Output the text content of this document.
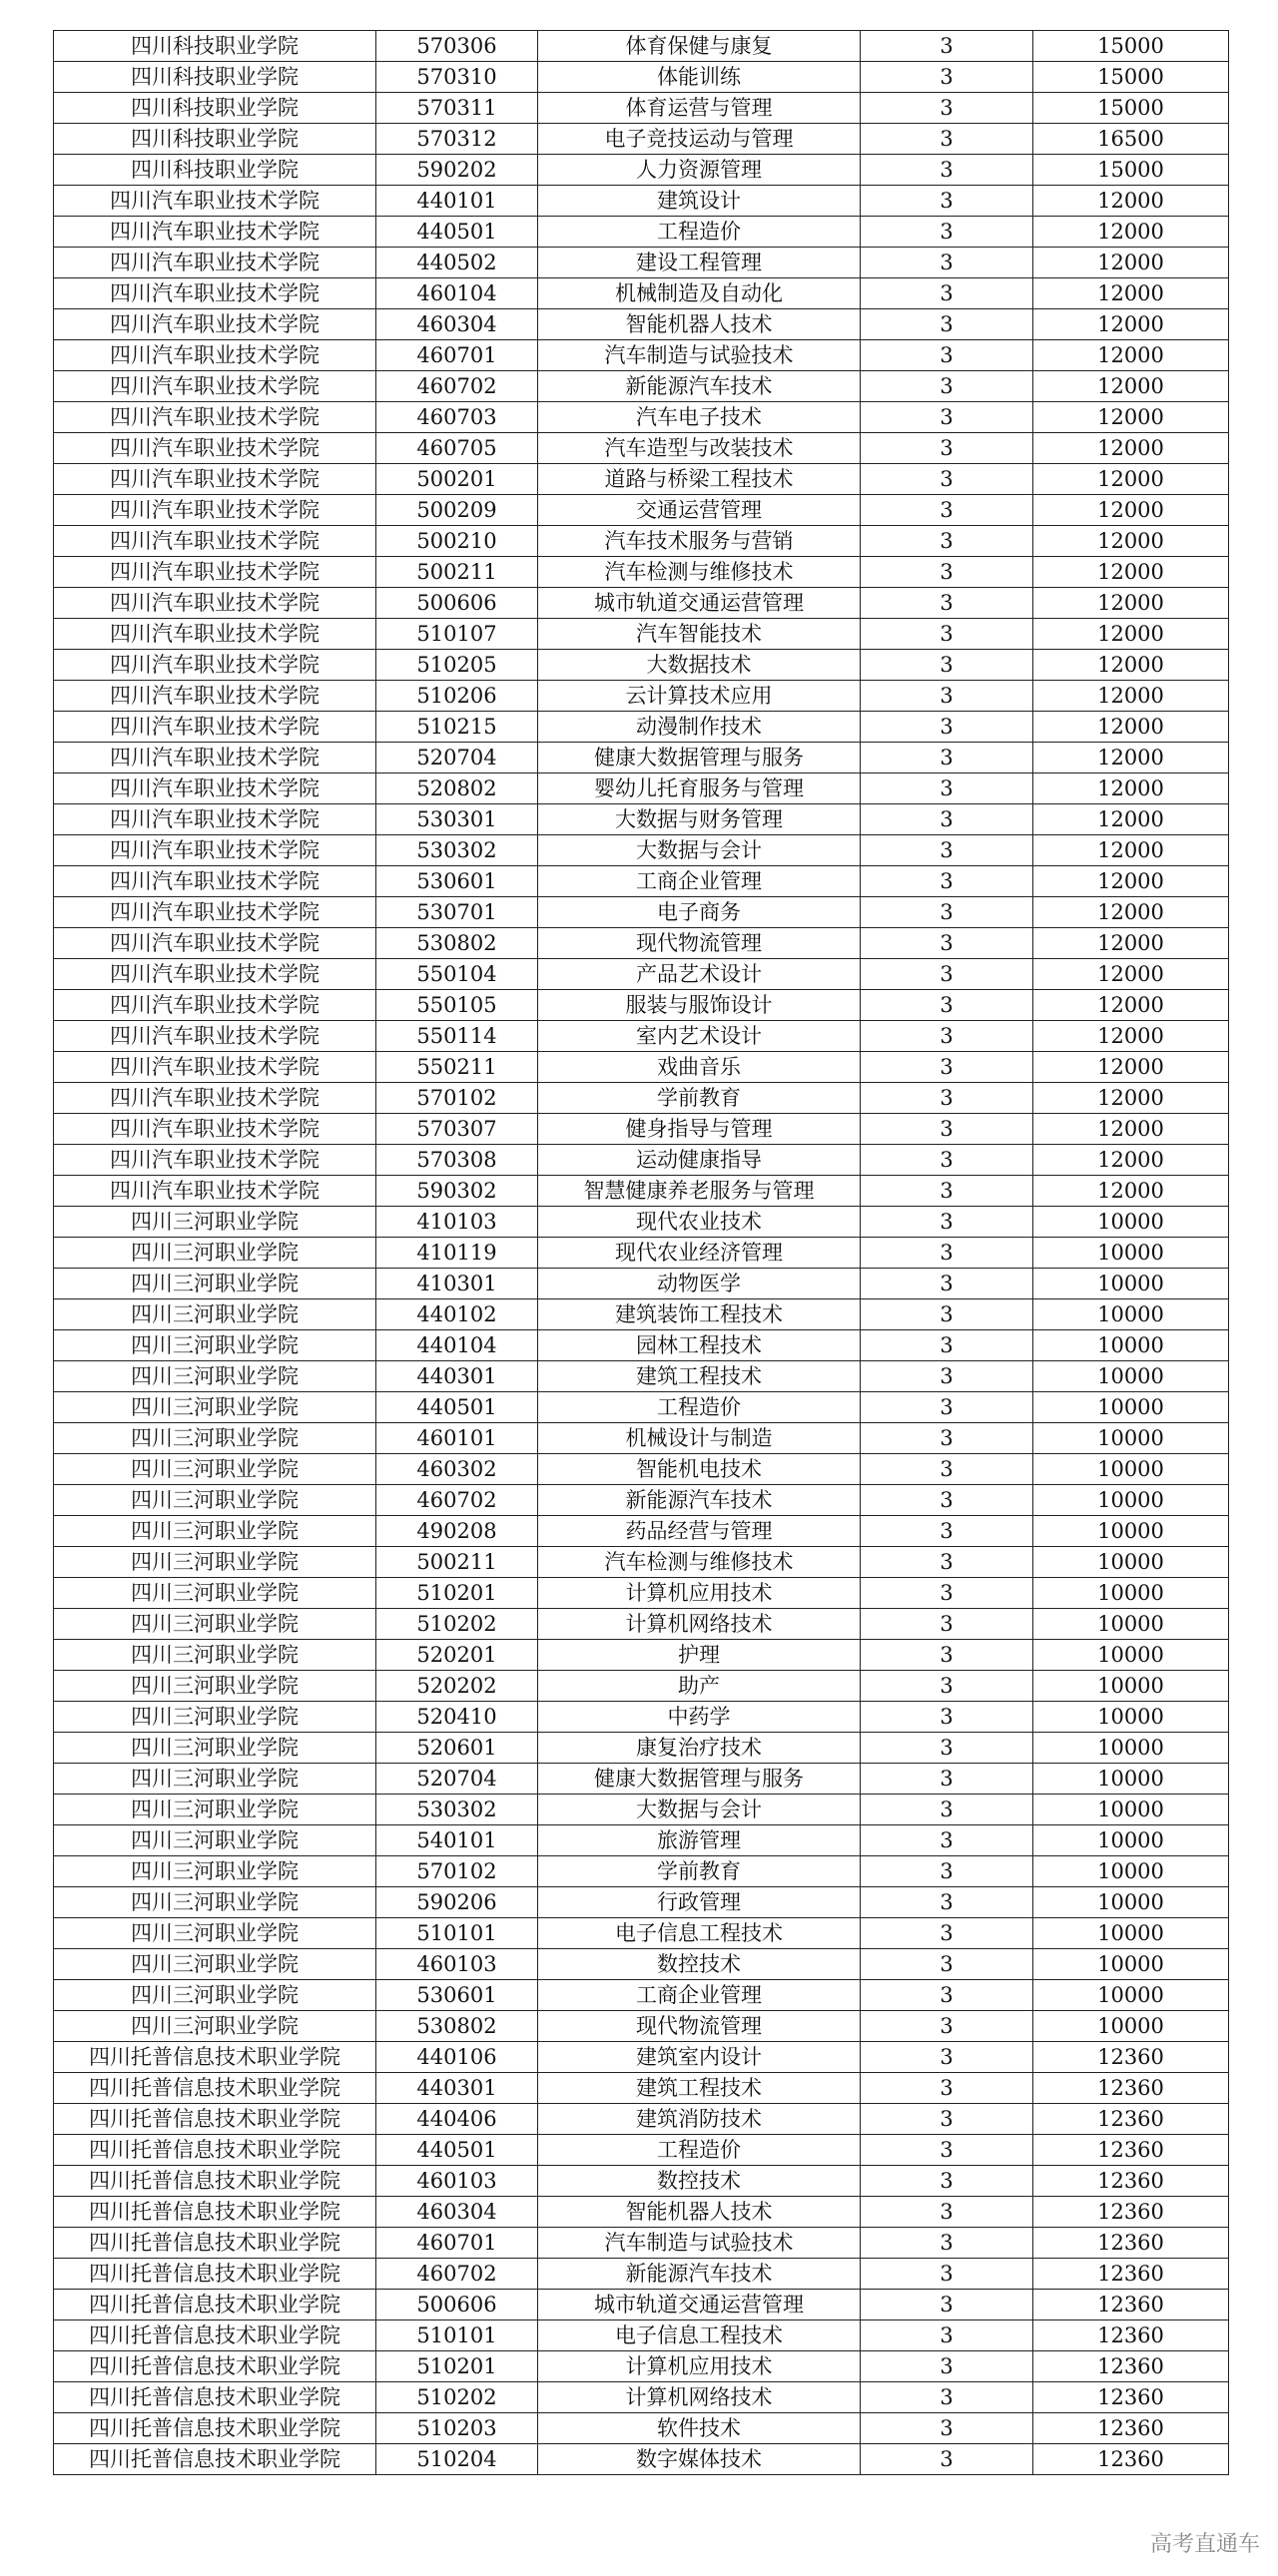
四川科技职业学院	570306	体育保健与康复	3	15000
四川科技职业学院	570310	体能训练	3	15000
四川科技职业学院	570311	体育运营与管理	3	15000
四川科技职业学院	570312	电子竞技运动与管理	3	16500
四川科技职业学院	590202	人力资源管理	3	15000
四川汽车职业技术学院	440101	建筑设计	3	12000
四川汽车职业技术学院	440501	工程造价	3	12000
四川汽车职业技术学院	440502	建设工程管理	3	12000
四川汽车职业技术学院	460104	机械制造及自动化	3	12000
四川汽车职业技术学院	460304	智能机器人技术	3	12000
四川汽车职业技术学院	460701	汽车制造与试验技术	3	12000
四川汽车职业技术学院	460702	新能源汽车技术	3	12000
四川汽车职业技术学院	460703	汽车电子技术	3	12000
四川汽车职业技术学院	460705	汽车造型与改装技术	3	12000
四川汽车职业技术学院	500201	道路与桥梁工程技术	3	12000
四川汽车职业技术学院	500209	交通运营管理	3	12000
四川汽车职业技术学院	500210	汽车技术服务与营销	3	12000
四川汽车职业技术学院	500211	汽车检测与维修技术	3	12000
四川汽车职业技术学院	500606	城市轨道交通运营管理	3	12000
四川汽车职业技术学院	510107	汽车智能技术	3	12000
四川汽车职业技术学院	510205	大数据技术	3	12000
四川汽车职业技术学院	510206	云计算技术应用	3	12000
四川汽车职业技术学院	510215	动漫制作技术	3	12000
四川汽车职业技术学院	520704	健康大数据管理与服务	3	12000
四川汽车职业技术学院	520802	婴幼儿托育服务与管理	3	12000
四川汽车职业技术学院	530301	大数据与财务管理	3	12000
四川汽车职业技术学院	530302	大数据与会计	3	12000
四川汽车职业技术学院	530601	工商企业管理	3	12000
四川汽车职业技术学院	530701	电子商务	3	12000
四川汽车职业技术学院	530802	现代物流管理	3	12000
四川汽车职业技术学院	550104	产品艺术设计	3	12000
四川汽车职业技术学院	550105	服装与服饰设计	3	12000
四川汽车职业技术学院	550114	室内艺术设计	3	12000
四川汽车职业技术学院	550211	戏曲音乐	3	12000
四川汽车职业技术学院	570102	学前教育	3	12000
四川汽车职业技术学院	570307	健身指导与管理	3	12000
四川汽车职业技术学院	570308	运动健康指导	3	12000
四川汽车职业技术学院	590302	智慧健康养老服务与管理	3	12000
四川三河职业学院	410103	现代农业技术	3	10000
四川三河职业学院	410119	现代农业经济管理	3	10000
四川三河职业学院	410301	动物医学	3	10000
四川三河职业学院	440102	建筑装饰工程技术	3	10000
四川三河职业学院	440104	园林工程技术	3	10000
四川三河职业学院	440301	建筑工程技术	3	10000
四川三河职业学院	440501	工程造价	3	10000
四川三河职业学院	460101	机械设计与制造	3	10000
四川三河职业学院	460302	智能机电技术	3	10000
四川三河职业学院	460702	新能源汽车技术	3	10000
四川三河职业学院	490208	药品经营与管理	3	10000
四川三河职业学院	500211	汽车检测与维修技术	3	10000
四川三河职业学院	510201	计算机应用技术	3	10000
四川三河职业学院	510202	计算机网络技术	3	10000
四川三河职业学院	520201	护理	3	10000
四川三河职业学院	520202	助产	3	10000
四川三河职业学院	520410	中药学	3	10000
四川三河职业学院	520601	康复治疗技术	3	10000
四川三河职业学院	520704	健康大数据管理与服务	3	10000
四川三河职业学院	530302	大数据与会计	3	10000
四川三河职业学院	540101	旅游管理	3	10000
四川三河职业学院	570102	学前教育	3	10000
四川三河职业学院	590206	行政管理	3	10000
四川三河职业学院	510101	电子信息工程技术	3	10000
四川三河职业学院	460103	数控技术	3	10000
四川三河职业学院	530601	工商企业管理	3	10000
四川三河职业学院	530802	现代物流管理	3	10000
四川托普信息技术职业学院	440106	建筑室内设计	3	12360
四川托普信息技术职业学院	440301	建筑工程技术	3	12360
四川托普信息技术职业学院	440406	建筑消防技术	3	12360
四川托普信息技术职业学院	440501	工程造价	3	12360
四川托普信息技术职业学院	460103	数控技术	3	12360
四川托普信息技术职业学院	460304	智能机器人技术	3	12360
四川托普信息技术职业学院	460701	汽车制造与试验技术	3	12360
四川托普信息技术职业学院	460702	新能源汽车技术	3	12360
四川托普信息技术职业学院	500606	城市轨道交通运营管理	3	12360
四川托普信息技术职业学院	510101	电子信息工程技术	3	12360
四川托普信息技术职业学院	510201	计算机应用技术	3	12360
四川托普信息技术职业学院	510202	计算机网络技术	3	12360
四川托普信息技术职业学院	510203	软件技术	3	12360
四川托普信息技术职业学院	510204	数字媒体技术	3	12360
高考直通车
